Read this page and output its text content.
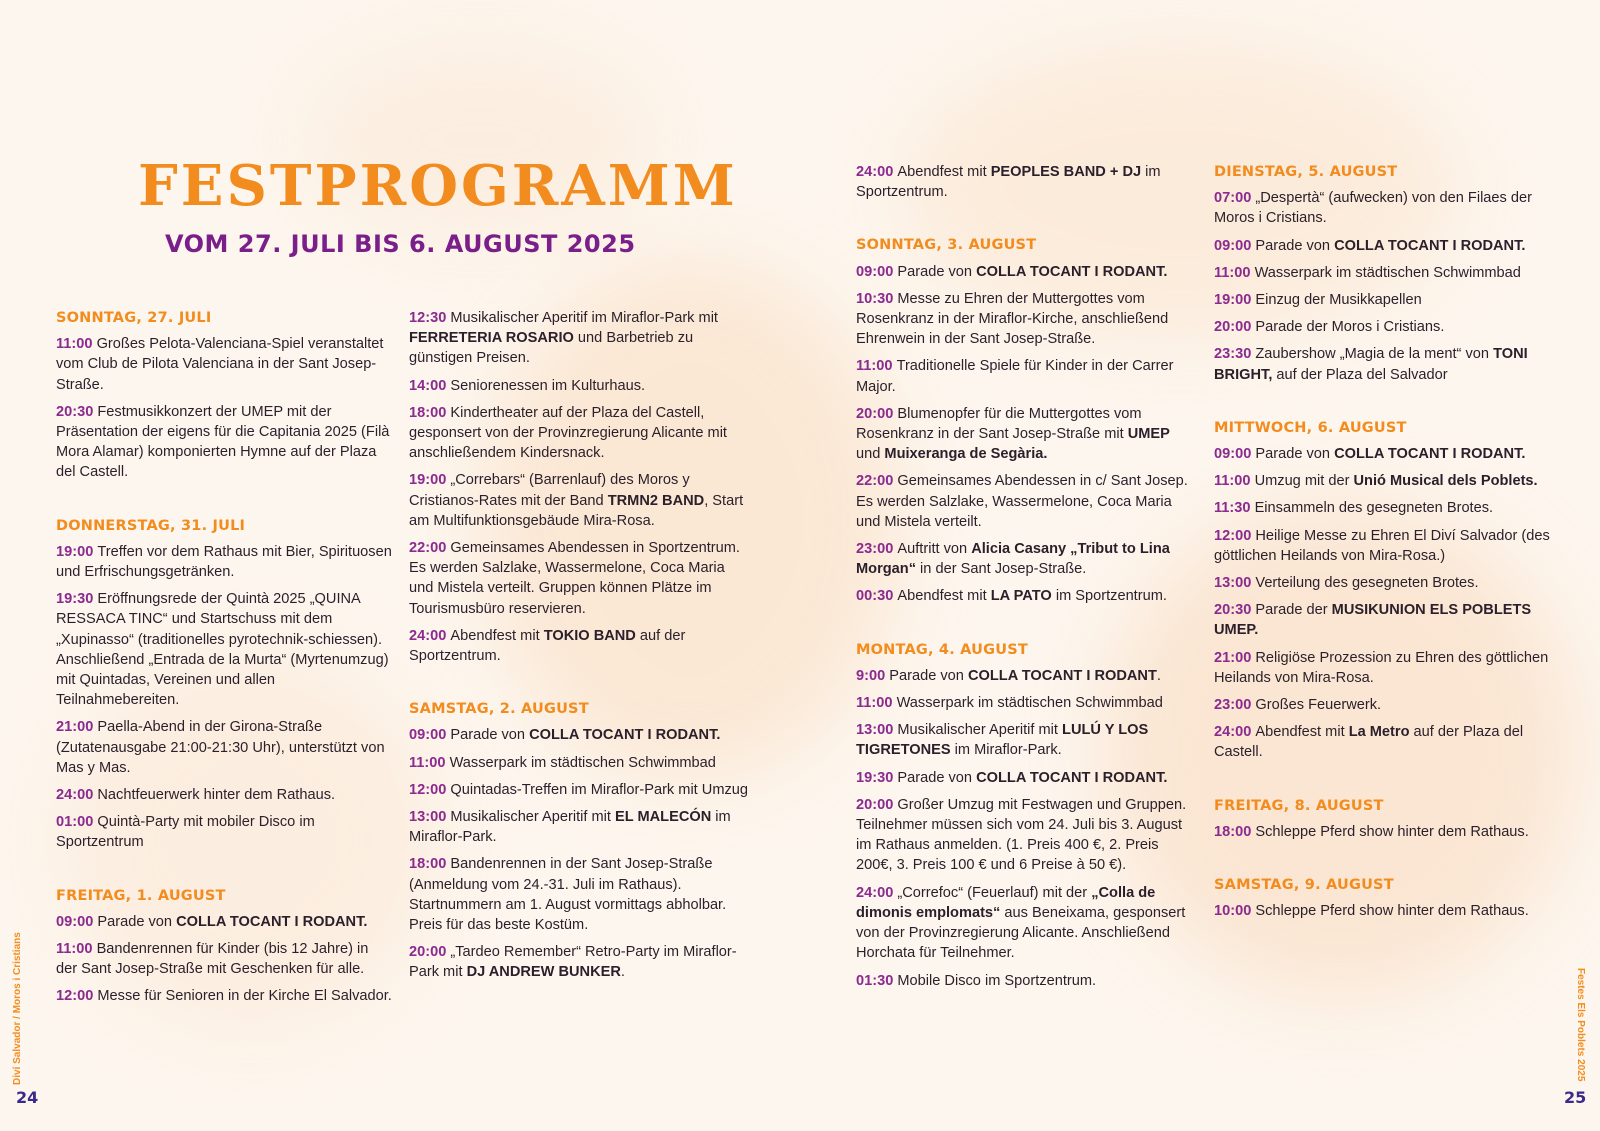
FESTPROGRAMM
VOM 27. JULI BIS 6. AUGUST 2025
SONNTAG, 27. JULI
11:00 Großes Pelota-Valenciana-Spiel veranstaltet vom Club de Pilota Valenciana in der Sant Josep-Straße.
20:30 Festmusikkonzert der UMEP mit der Präsentation der eigens für die Capitania 2025 (Filà Mora Alamar) komponierten Hymne auf der Plaza del Castell.
DONNERSTAG, 31. JULI
19:00 Treffen vor dem Rathaus mit Bier, Spirituosen und Erfrischungsgetränken.
19:30 Eröffnungsrede der Quintà 2025 „QUINA RESSACA TINC“ und Startschuss mit dem „Xupinasso“ (traditionelles pyrotechnik-schiessen). Anschließend „Entrada de la Murta“ (Myrtenumzug) mit Quintadas, Vereinen und allen Teilnahmebereiten.
21:00 Paella-Abend in der Girona-Straße (Zutatenausgabe 21:00-21:30 Uhr), unterstützt von Mas y Mas.
24:00 Nachtfeuerwerk hinter dem Rathaus.
01:00 Quintà-Party mit mobiler Disco im Sportzentrum
FREITAG, 1. AUGUST
09:00 Parade von COLLA TOCANT I RODANT.
11:00 Bandenrennen für Kinder (bis 12 Jahre) in der Sant Josep-Straße mit Geschenken für alle.
12:00 Messe für Senioren in der Kirche El Salvador.
12:30 Musikalischer Aperitif im Miraflor-Park mit FERRETERIA ROSARIO und Barbetrieb zu günstigen Preisen.
14:00 Seniorenessen im Kulturhaus.
18:00 Kindertheater auf der Plaza del Castell, gesponsert von der Provinzregierung Alicante mit anschließendem Kindersnack.
19:00 „Correbars“ (Barrenlauf) des Moros y Cristianos-Rates mit der Band TRMN2 BAND, Start am Multifunktionsgebäude Mira-Rosa.
22:00 Gemeinsames Abendessen in Sportzentrum. Es werden Salzlake, Wassermelone, Coca Maria und Mistela verteilt. Gruppen können Plätze im Tourismusbüro reservieren.
24:00 Abendfest mit TOKIO BAND auf der Sportzentrum.
SAMSTAG, 2. AUGUST
09:00 Parade von COLLA TOCANT I RODANT.
11:00 Wasserpark im städtischen Schwimmbad
12:00 Quintadas-Treffen im Miraflor-Park mit Umzug
13:00 Musikalischer Aperitif mit EL MALECÓN im Miraflor-Park.
18:00 Bandenrennen in der Sant Josep-Straße (Anmeldung vom 24.-31. Juli im Rathaus). Startnummern am 1. August vormittags abholbar. Preis für das beste Kostüm.
20:00 „Tardeo Remember“ Retro-Party im Miraflor-Park mit DJ ANDREW BUNKER.
24:00 Abendfest mit PEOPLES BAND + DJ im Sportzentrum.
SONNTAG, 3. AUGUST
09:00 Parade von COLLA TOCANT I RODANT.
10:30 Messe zu Ehren der Muttergottes vom Rosenkranz in der Miraflor-Kirche, anschließend Ehrenwein in der Sant Josep-Straße.
11:00 Traditionelle Spiele für Kinder in der Carrer Major.
20:00 Blumenopfer für die Muttergottes vom Rosenkranz in der Sant Josep-Straße mit UMEP und Muixeranga de Segària.
22:00 Gemeinsames Abendessen in c/ Sant Josep. Es werden Salzlake, Wassermelone, Coca Maria und Mistela verteilt.
23:00 Auftritt von Alicia Casany „Tribut to Lina Morgan“ in der Sant Josep-Straße.
00:30 Abendfest mit LA PATO im Sportzentrum.
MONTAG, 4. AUGUST
9:00 Parade von COLLA TOCANT I RODANT.
11:00 Wasserpark im städtischen Schwimmbad
13:00 Musikalischer Aperitif mit LULÚ Y LOS TIGRETONES im Miraflor-Park.
19:30 Parade von COLLA TOCANT I RODANT.
20:00 Großer Umzug mit Festwagen und Gruppen. Teilnehmer müssen sich vom 24. Juli bis 3. August im Rathaus anmelden. (1. Preis 400 €, 2. Preis 200€, 3. Preis 100 € und 6 Preise à 50 €).
24:00 „Correfoc“ (Feuerlauf) mit der „Colla de dimonis emplomats“ aus Beneixama, gesponsert von der Provinzregierung Alicante. Anschließend Horchata für Teilnehmer.
01:30 Mobile Disco im Sportzentrum.
DIENSTAG, 5. AUGUST
07:00 „Despertà“ (aufwecken) von den Filaes der Moros i Cristians.
09:00 Parade von COLLA TOCANT I RODANT.
11:00 Wasserpark im städtischen Schwimmbad
19:00 Einzug der Musikkapellen
20:00 Parade der Moros i Cristians.
23:30 Zaubershow „Magia de la ment“ von TONI BRIGHT, auf der Plaza del Salvador
MITTWOCH, 6. AUGUST
09:00 Parade von COLLA TOCANT I RODANT.
11:00 Umzug mit der Unió Musical dels Poblets.
11:30 Einsammeln des gesegneten Brotes.
12:00 Heilige Messe zu Ehren El Diví Salvador (des göttlichen Heilands von Mira-Rosa.)
13:00 Verteilung des gesegneten Brotes.
20:30 Parade der MUSIKUNION ELS POBLETS UMEP.
21:00 Religiöse Prozession zu Ehren des göttlichen Heilands von Mira-Rosa.
23:00 Großes Feuerwerk.
24:00 Abendfest mit La Metro auf der Plaza del Castell.
FREITAG, 8. AUGUST
18:00 Schleppe Pferd show hinter dem Rathaus.
SAMSTAG, 9. AUGUST
10:00 Schleppe Pferd show hinter dem Rathaus.
Diví Salvador / Moros i Cristians	Festes Els Poblets 2025
24	25
